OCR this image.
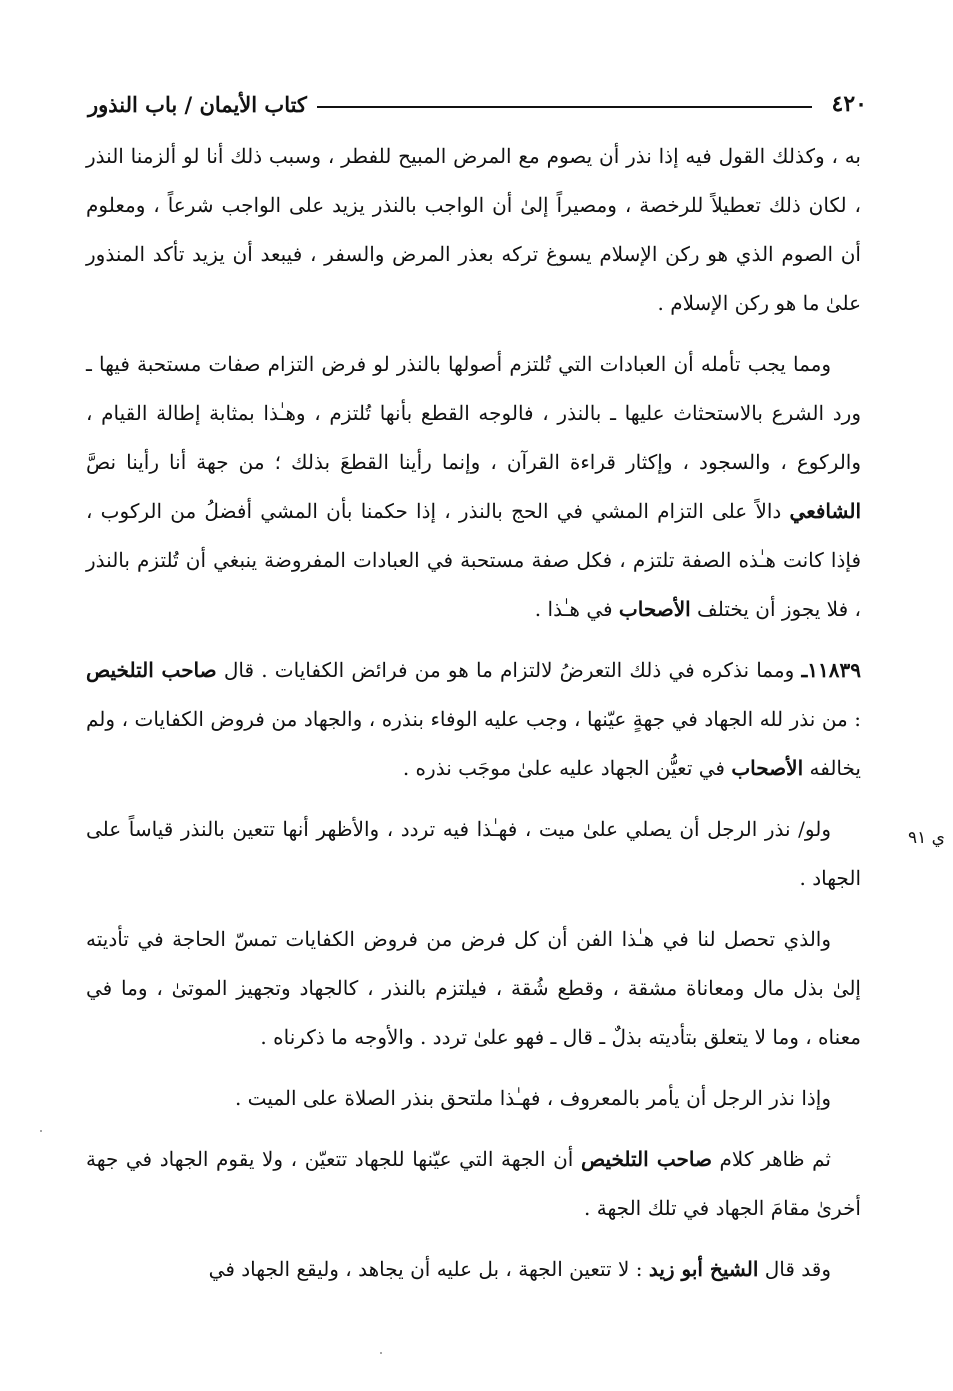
٤٢٠
كتاب الأيمان / باب النذور
ي ٩١

به ، وكذلك القول فيه إذا نذر أن يصوم مع المرض المبيح للفطر ، وسبب ذلك أنا لو ألزمنا النذر ، لكان ذلك تعطيلاً للرخصة ، ومصيراً إلىٰ أن الواجب بالنذر يزيد على الواجب شرعاً ، ومعلوم أن الصوم الذي هو ركن الإسلام يسوغ تركه بعذر المرض والسفر ، فيبعد أن يزيد تأكد المنذور علىٰ ما هو ركن الإسلام .

ومما يجب تأمله أن العبادات التي تُلتزم أصولها بالنذر لو فرض التزام صفات مستحبة فيها ـ ورد الشرع بالاستحثاث عليها ـ بالنذر ، فالوجه القطع بأنها تُلتزم ، وهـٰذا بمثابة إطالة القيام ، والركوع ، والسجود ، وإكثار قراءة القرآن ، وإنما رأينا القطعَ بذلك ؛ من جهة أنا رأينا نصَّ الشافعي دالاً على التزام المشي في الحج بالنذر ، إذا حكمنا بأن المشي أفضلُ من الركوب ، فإذا كانت هـٰذه الصفة تلتزم ، فكل صفة مستحبة في العبادات المفروضة ينبغي أن تُلتزم بالنذر ، فلا يجوز أن يختلف الأصحاب في هـٰذا .

١١٨٣٩ـ ومما نذكره في ذلك التعرضُ لالتزام ما هو من فرائض الكفايات . قال صاحب التلخيص : من نذر لله الجهاد في جهةٍ عيّنها ، وجب عليه الوفاء بنذره ، والجهاد من فروض الكفايات ، ولم يخالفه الأصحاب في تعيُّن الجهاد عليه علىٰ موجَب نذره .

ولو/ نذر الرجل أن يصلي علىٰ ميت ، فهـٰذا فيه تردد ، والأظهر أنها تتعين بالنذر قياساً على الجهاد .

والذي تحصل لنا في هـٰذا الفن أن كل فرض من فروض الكفايات تمسّ الحاجة في تأديته إلىٰ بذل مال ومعاناة مشقة ، وقطع شُقة ، فيلتزم بالنذر ، كالجهاد وتجهيز الموتىٰ ، وما في معناه ، وما لا يتعلق بتأديته بذلٌ ـ قال ـ فهو علىٰ تردد . والأوجه ما ذكرناه .

وإذا نذر الرجل أن يأمر بالمعروف ، فهـٰذا ملتحق بنذر الصلاة على الميت .

ثم ظاهر كلام صاحب التلخيص أن الجهة التي عيّنها للجهاد تتعيّن ، ولا يقوم الجهاد في جهة أخرىٰ مقامَ الجهاد في تلك الجهة .

وقد قال الشيخ أبو زيد : لا تتعين الجهة ، بل عليه أن يجاهد ، وليقع الجهاد في
